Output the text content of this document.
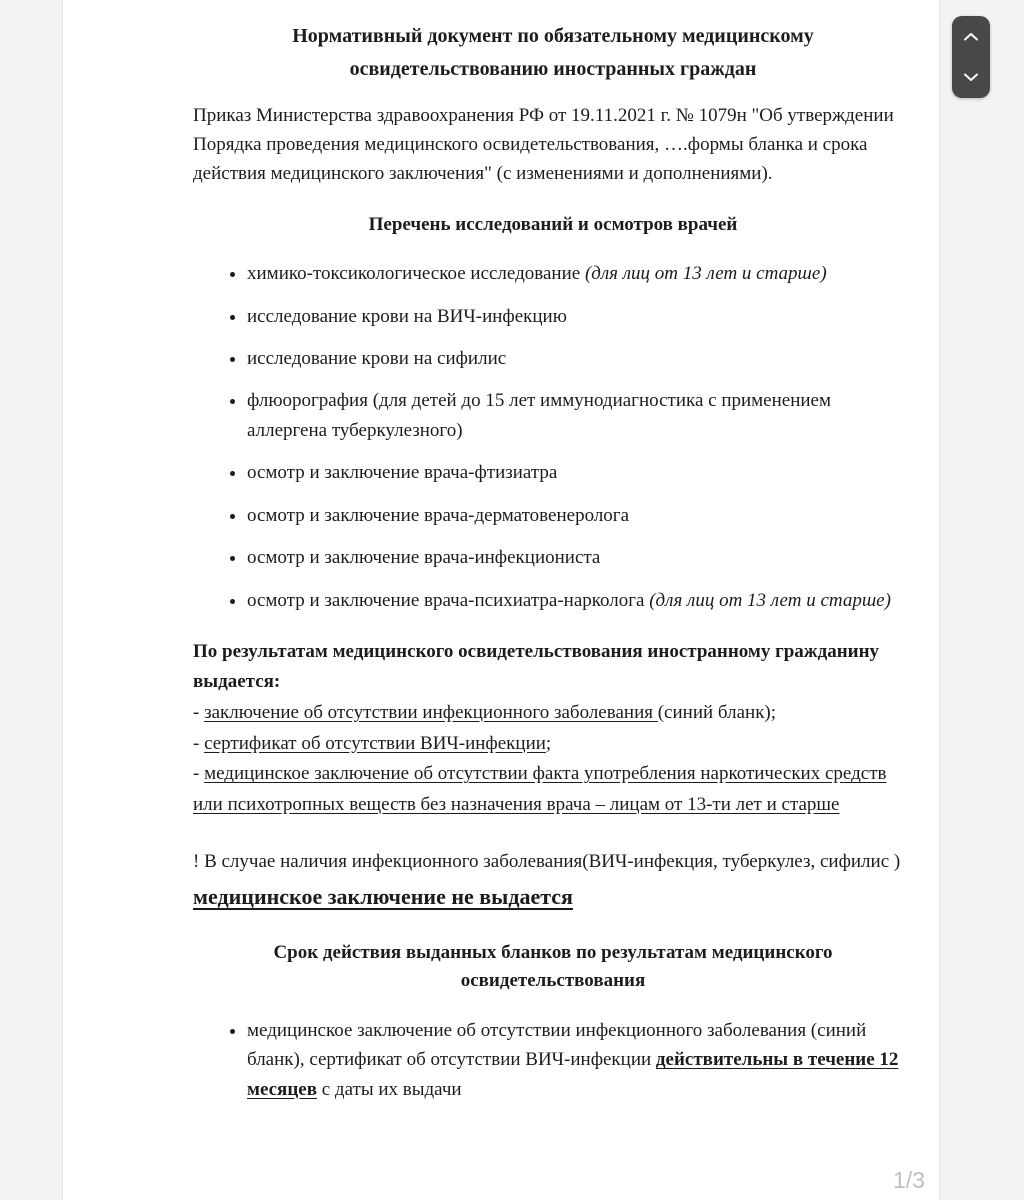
Нормативный документ по обязательному медицинскому освидетельствованию иностранных граждан

Приказ Министерства здравоохранения РФ от 19.11.2021 г. № 1079н "Об утверждении Порядка проведения медицинского освидетельствования, ….формы бланка и срока действия медицинского заключения" (с изменениями и дополнениями).

Перечень исследований и осмотров врачей
• химико-токсикологическое исследование (для лиц от 13 лет и старше)
• исследование крови на ВИЧ-инфекцию
• исследование крови на сифилис
• флюорография (для детей до 15 лет иммунодиагностика с применением аллергена туберкулезного)
• осмотр и заключение врача-фтизиатра
• осмотр и заключение врача-дерматовенеролога
• осмотр и заключение врача-инфекциониста
• осмотр и заключение врача-психиатра-нарколога (для лиц от 13 лет и старше)

По результатам медицинского освидетельствования иностранному гражданину выдается:

- заключение об отсутствии инфекционного заболевания (синий бланк);

- сертификат об отсутствии ВИЧ-инфекции;

- медицинское заключение об отсутствии факта употребления наркотических средств или психотропных веществ без назначения врача – лицам от 13-ти лет и старше

! В случае наличия инфекционного заболевания(ВИЧ-инфекция, туберкулез, сифилис ) медицинское заключение не выдается

Срок действия выданных бланков по результатам медицинского освидетельствования
• медицинское заключение об отсутствии инфекционного заболевания (синий бланк), сертификат об отсутствии ВИЧ-инфекции действительны в течение 12 месяцев с даты их выдачи
1/3
